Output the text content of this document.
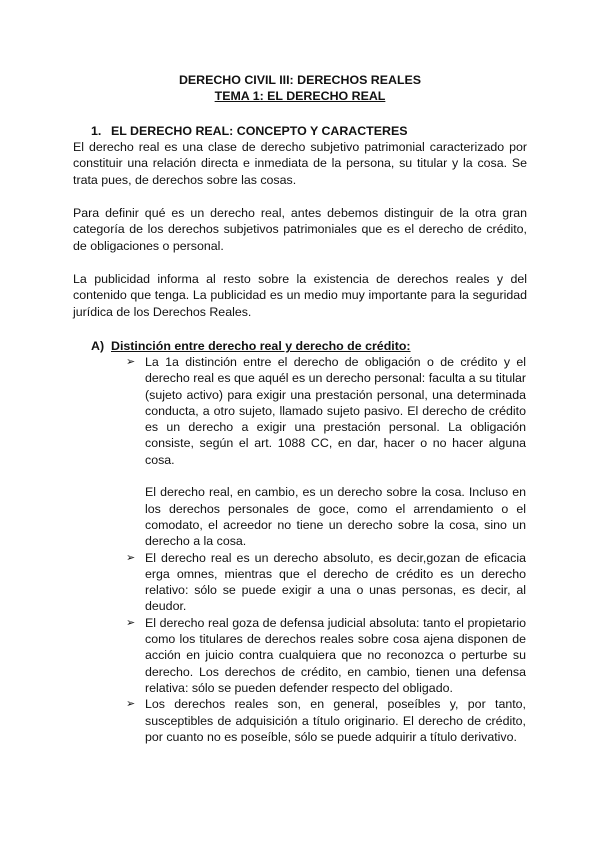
DERECHO CIVIL III: DERECHOS REALES
TEMA 1: EL DERECHO REAL
1. EL DERECHO REAL: CONCEPTO Y CARACTERES

El derecho real es una clase de derecho subjetivo patrimonial caracterizado por constituir una relación directa e inmediata de la persona, su titular y la cosa. Se trata pues, de derechos sobre las cosas.

Para definir qué es un derecho real, antes debemos distinguir de la otra gran categoría de los derechos subjetivos patrimoniales que es el derecho de crédito, de obligaciones o personal.

La publicidad informa al resto sobre la existencia de derechos reales y del contenido que tenga. La publicidad es un medio muy importante para la seguridad jurídica de los Derechos Reales.

A) Distinción entre derecho real y derecho de crédito:
➢ La 1a distinción entre el derecho de obligación o de crédito y el derecho real es que aquél es un derecho personal: faculta a su titular (sujeto activo) para exigir una prestación personal, una determinada conducta, a otro sujeto, llamado sujeto pasivo. El derecho de crédito es un derecho a exigir una prestación personal. La obligación consiste, según el art. 1088 CC, en dar, hacer o no hacer alguna cosa.

El derecho real, en cambio, es un derecho sobre la cosa. Incluso en los derechos personales de goce, como el arrendamiento o el comodato, el acreedor no tiene un derecho sobre la cosa, sino un derecho a la cosa.

➢ El derecho real es un derecho absoluto, es decir,gozan de eficacia erga omnes, mientras que el derecho de crédito es un derecho relativo: sólo se puede exigir a una o unas personas, es decir, al deudor.

➢ El derecho real goza de defensa judicial absoluta: tanto el propietario como los titulares de derechos reales sobre cosa ajena disponen de acción en juicio contra cualquiera que no reconozca o perturbe su derecho. Los derechos de crédito, en cambio, tienen una defensa relativa: sólo se pueden defender respecto del obligado.

➢ Los derechos reales son, en general, poseíbles y, por tanto, susceptibles de adquisición a título originario. El derecho de crédito, por cuanto no es poseíble, sólo se puede adquirir a título derivativo.
